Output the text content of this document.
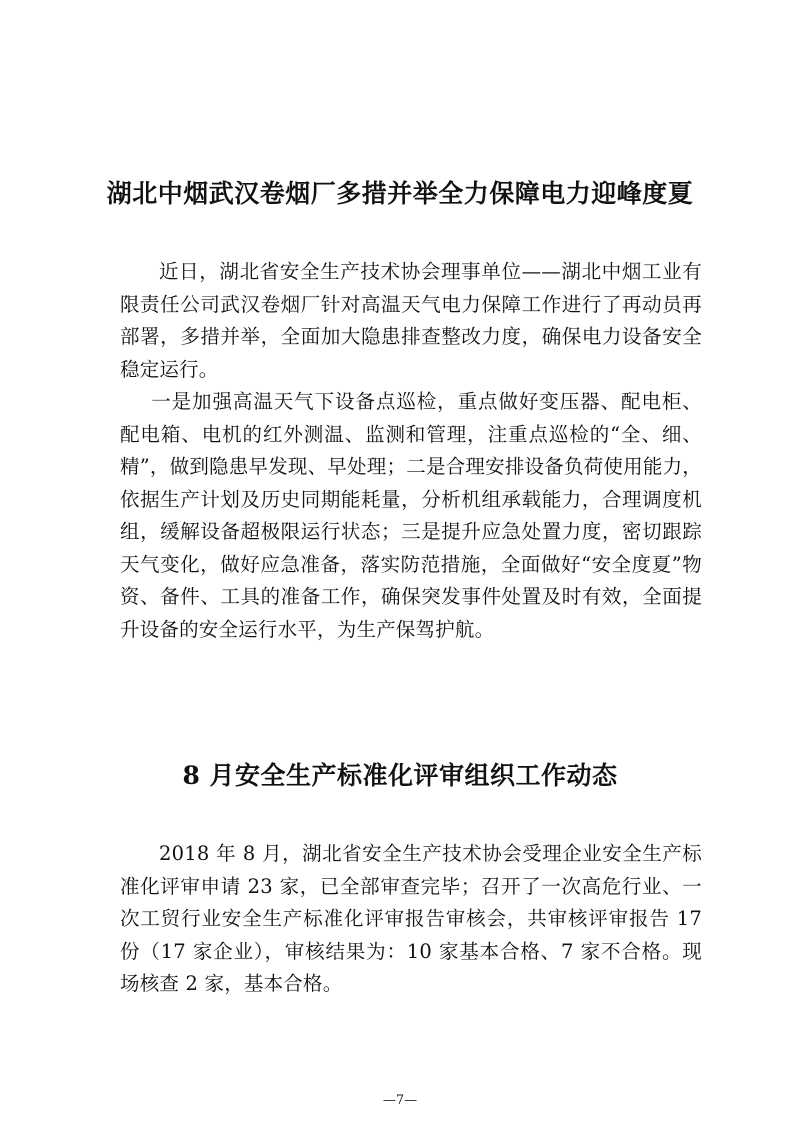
湖北中烟武汉卷烟厂多措并举全力保障电力迎峰度夏

近日，湖北省安全生产技术协会理事单位——湖北中烟工业有限责任公司武汉卷烟厂针对高温天气电力保障工作进行了再动员再部署，多措并举，全面加大隐患排查整改力度，确保电力设备安全稳定运行。

一是加强高温天气下设备点巡检，重点做好变压器、配电柜、配电箱、电机的红外测温、监测和管理，注重点巡检的“全、细、精”，做到隐患早发现、早处理；二是合理安排设备负荷使用能力，依据生产计划及历史同期能耗量，分析机组承载能力，合理调度机组，缓解设备超极限运行状态；三是提升应急处置力度，密切跟踪天气变化，做好应急准备，落实防范措施，全面做好“安全度夏”物资、备件、工具的准备工作，确保突发事件处置及时有效，全面提升设备的安全运行水平，为生产保驾护航。

8 月安全生产标准化评审组织工作动态

2018 年 8 月，湖北省安全生产技术协会受理企业安全生产标准化评审申请 23 家，已全部审查完毕；召开了一次高危行业、一次工贸行业安全生产标准化评审报告审核会，共审核评审报告 17 份（17 家企业），审核结果为：10 家基本合格、7 家不合格。现场核查 2 家，基本合格。

—7—
